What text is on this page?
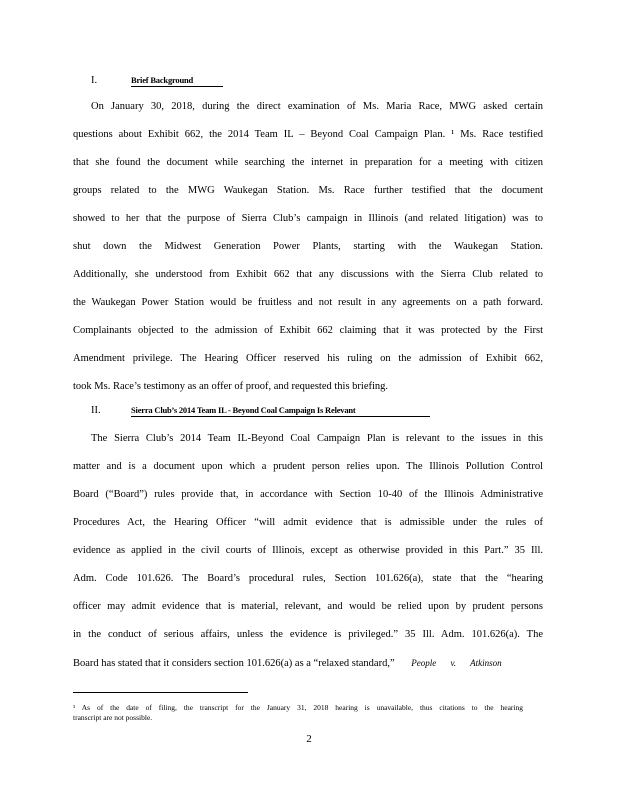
I.	Brief Background
On January 30, 2018, during the direct examination of Ms. Maria Race, MWG asked certain
questions about Exhibit 662, the 2014 Team IL – Beyond Coal Campaign Plan. ¹ Ms. Race testified
that she found the document while searching the internet in preparation for a meeting with citizen
groups related to the MWG Waukegan Station. Ms. Race further testified that the document
showed to her that the purpose of Sierra Club’s campaign in Illinois (and related litigation) was to
shut down the Midwest Generation Power Plants, starting with the Waukegan Station.
Additionally, she understood from Exhibit 662 that any discussions with the Sierra Club related to
the Waukegan Power Station would be fruitless and not result in any agreements on a path forward.
Complainants objected to the admission of Exhibit 662 claiming that it was protected by the First
Amendment privilege. The Hearing Officer reserved his ruling on the admission of Exhibit 662,
took Ms. Race’s testimony as an offer of proof, and requested this briefing.
II.	Sierra Club’s 2014 Team IL - Beyond Coal Campaign Is Relevant
The Sierra Club’s 2014 Team IL-Beyond Coal Campaign Plan is relevant to the issues in this
matter and is a document upon which a prudent person relies upon. The Illinois Pollution Control
Board (“Board”) rules provide that, in accordance with Section 10-40 of the Illinois Administrative
Procedures Act, the Hearing Officer “will admit evidence that is admissible under the rules of
evidence as applied in the civil courts of Illinois, except as otherwise provided in this Part.” 35 Ill.
Adm. Code 101.626. The Board’s procedural rules, Section 101.626(a), state that the “hearing
officer may admit evidence that is material, relevant, and would be relied upon by prudent persons
in the conduct of serious affairs, unless the evidence is privileged.” 35 Ill. Adm. 101.626(a). The
Board has stated that it considers section 101.626(a) as a “relaxed standard,” People v. Atkinson
¹ As of the date of filing, the transcript for the January 31, 2018 hearing is unavailable, thus citations to the hearing
transcript are not possible.
2
